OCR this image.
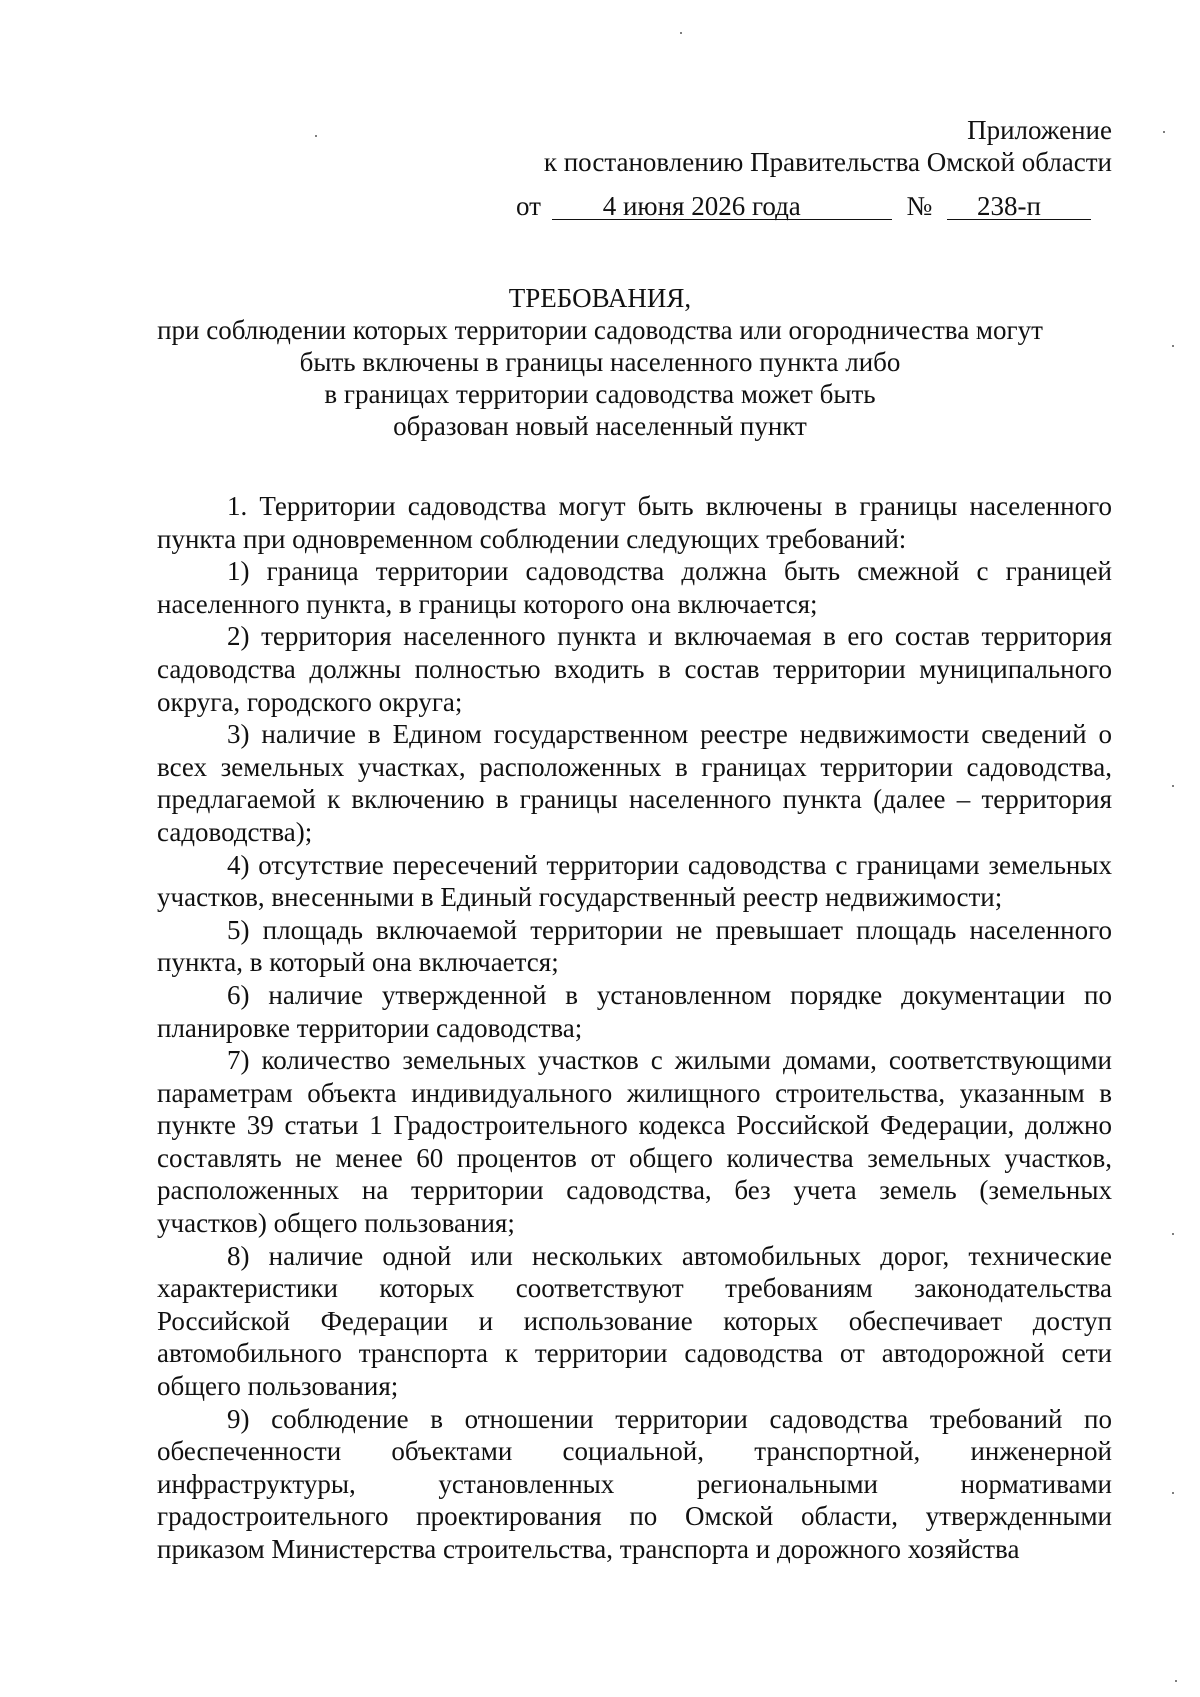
Приложение
к постановлению Правительства Омской области
от 4 июня 2026 года	№ 238-п
ТРЕБОВАНИЯ,
при соблюдении которых территории садоводства или огородничества могут
быть включены в границы населенного пункта либо
в границах территории садоводства может быть
образован новый населенный пункт

1. Территории садоводства могут быть включены в границы населенного пункта при одновременном соблюдении следующих требований:

1) граница территории садоводства должна быть смежной с границей населенного пункта, в границы которого она включается;

2) территория населенного пункта и включаемая в его состав территория садоводства должны полностью входить в состав территории муниципального округа, городского округа;

3) наличие в Едином государственном реестре недвижимости сведений о всех земельных участках, расположенных в границах территории садоводства, предлагаемой к включению в границы населенного пункта (далее – территория садоводства);

4) отсутствие пересечений территории садоводства с границами земельных участков, внесенными в Единый государственный реестр недвижимости;

5) площадь включаемой территории не превышает площадь населенного пункта, в который она включается;

6) наличие утвержденной в установленном порядке документации по планировке территории садоводства;

7) количество земельных участков с жилыми домами, соответствующими параметрам объекта индивидуального жилищного строительства, указанным в пункте 39 статьи 1 Градостроительного кодекса Российской Федерации, должно составлять не менее 60 процентов от общего количества земельных участков, расположенных на территории садоводства, без учета земель (земельных участков) общего пользования;

8) наличие одной или нескольких автомобильных дорог, технические характеристики которых соответствуют требованиям законодательства Российской Федерации и использование которых обеспечивает доступ автомобильного транспорта к территории садоводства от автодорожной сети общего пользования;

9) соблюдение в отношении территории садоводства требований по обеспеченности объектами социальной, транспортной, инженерной инфраструктуры, установленных региональными нормативами градостроительного проектирования по Омской области, утвержденными приказом Министерства строительства, транспорта и дорожного хозяйства
